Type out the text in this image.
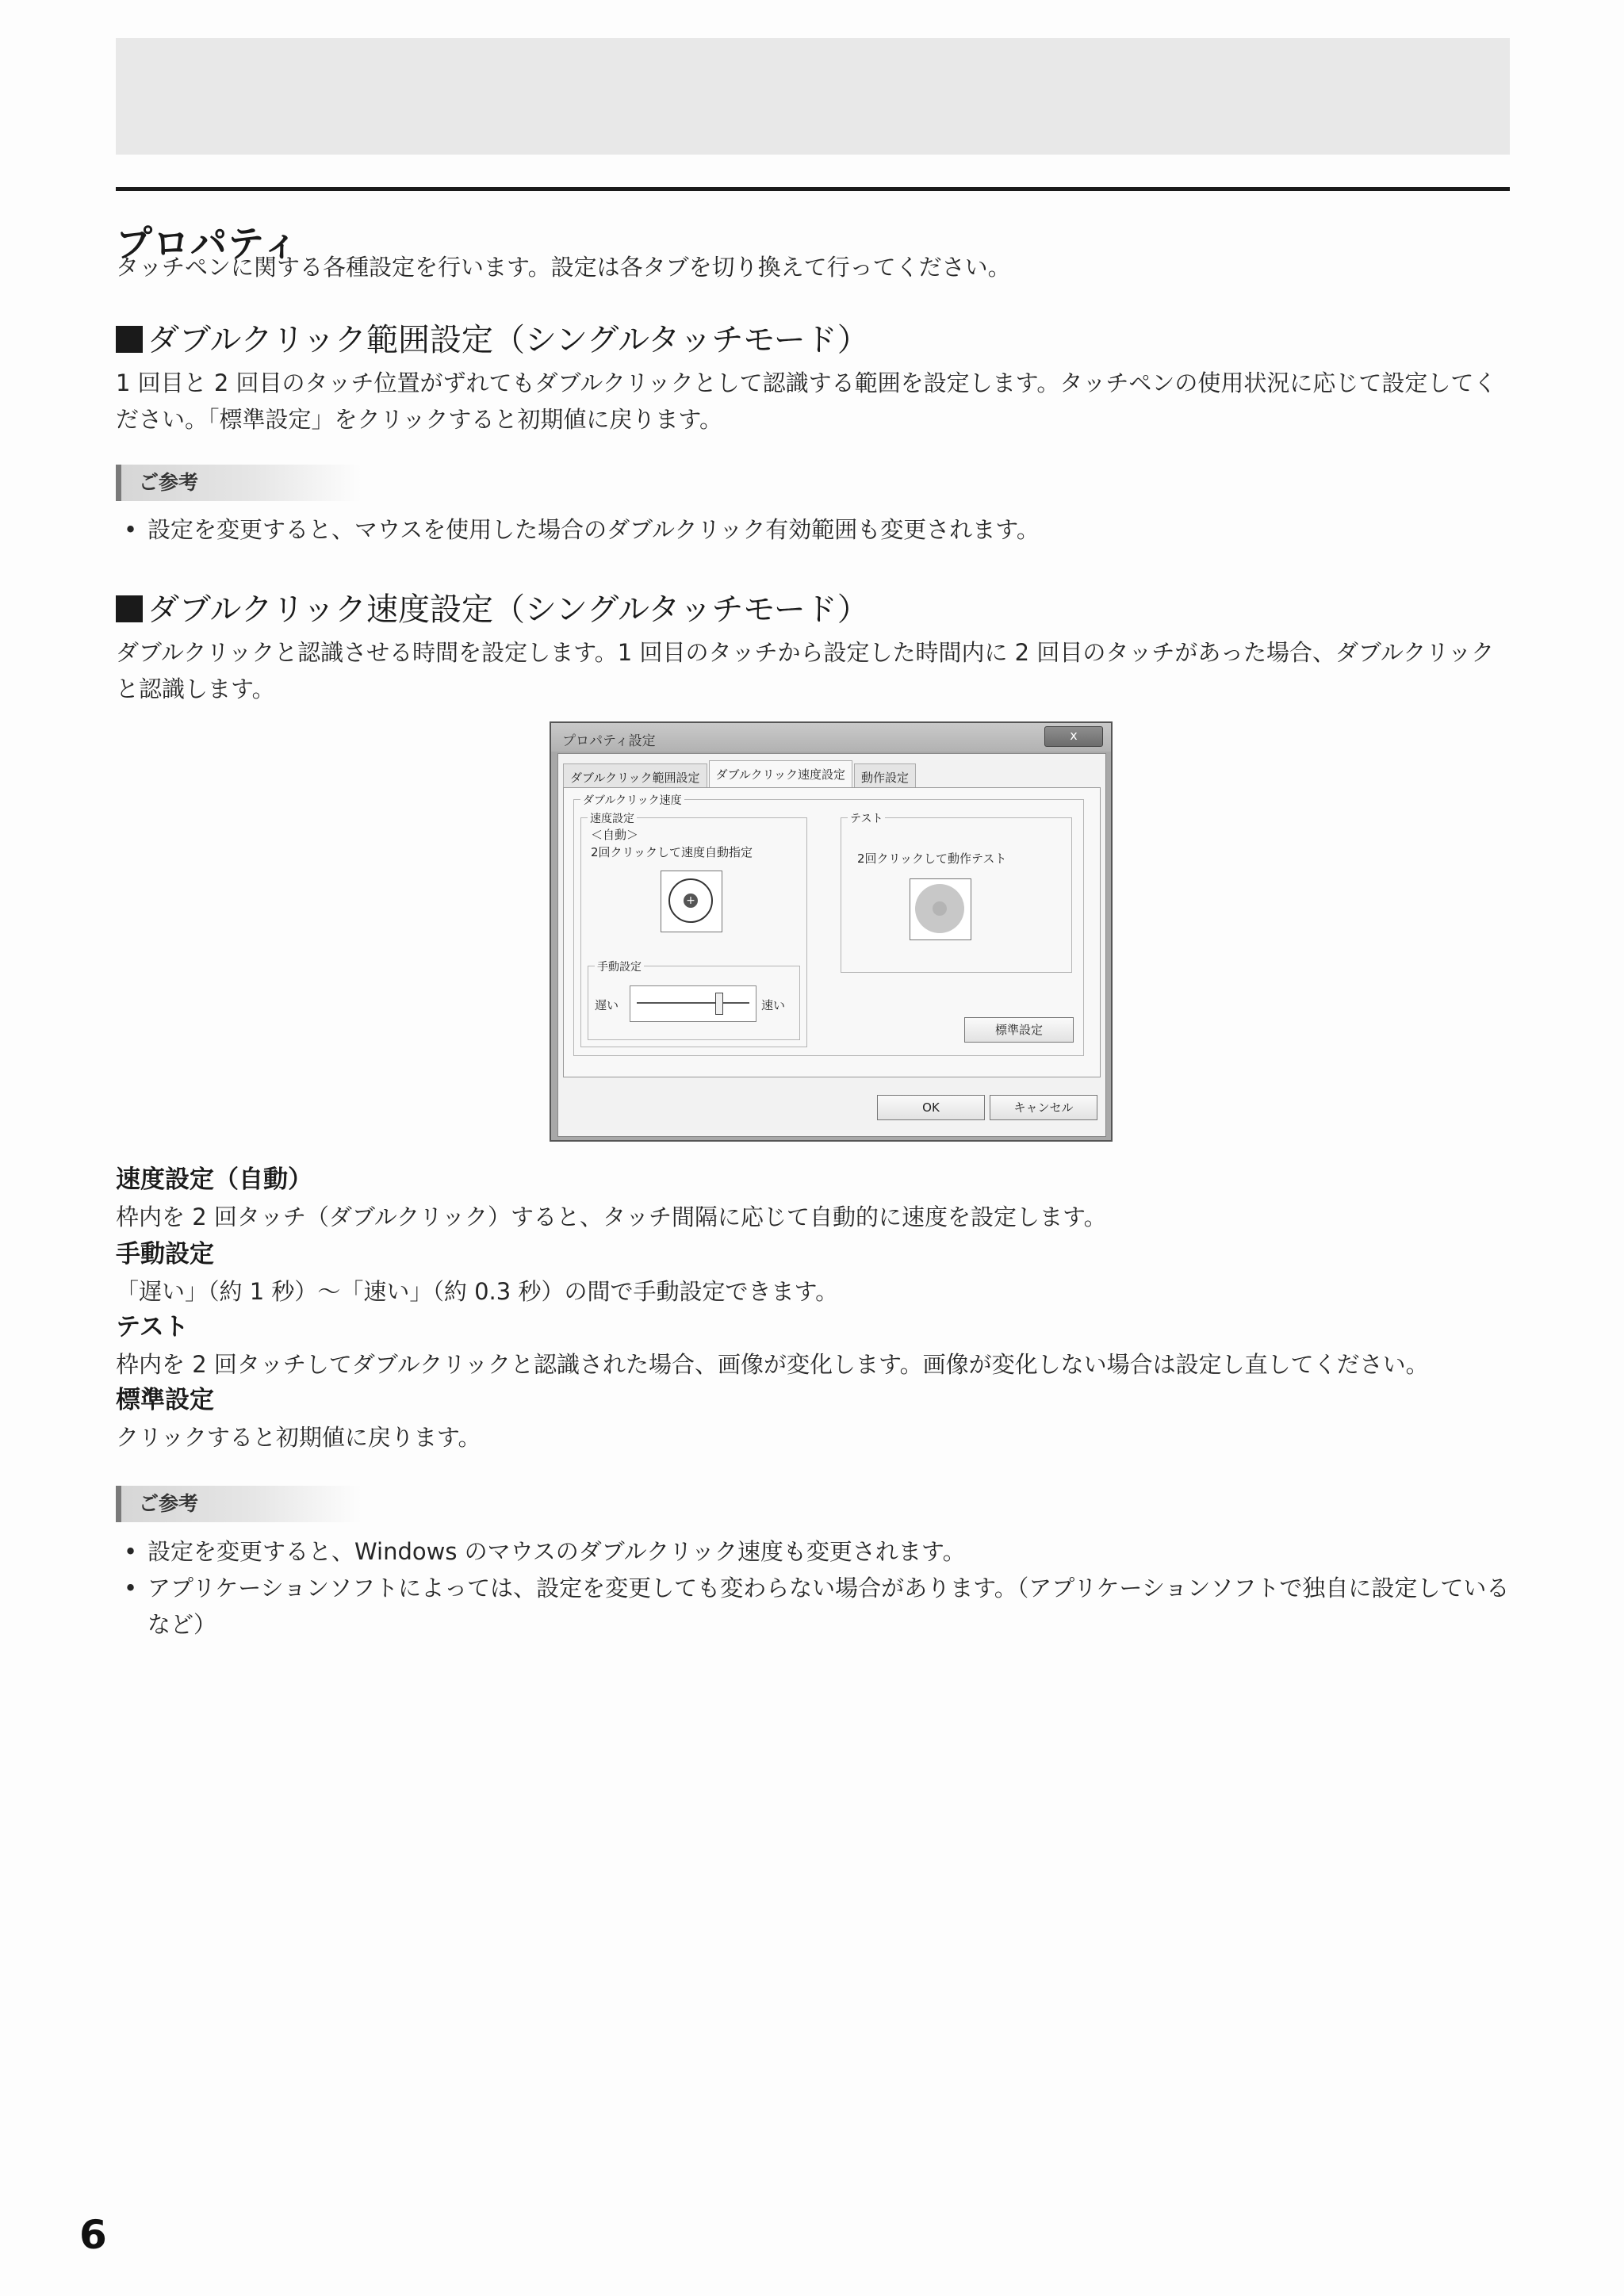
プロパティ

タッチペンに関する各種設定を行います。設定は各タブを切り換えて行ってください。

ダブルクリック範囲設定（シングルタッチモード）

1 回目と 2 回目のタッチ位置がずれてもダブルクリックとして認識する範囲を設定します。タッチペンの使用状況に応じて設定してください。「標準設定」をクリックすると初期値に戻ります。

ご参考
• 設定を変更すると、マウスを使用した場合のダブルクリック有効範囲も変更されます。
ダブルクリック速度設定（シングルタッチモード）

ダブルクリックと認識させる時間を設定します。1 回目のタッチから設定した時間内に 2 回目のタッチがあった場合、ダブルクリックと認識します。

プロパティ設定	x
ダブルクリック範囲設定	ダブルクリック速度設定	動作設定
ダブルクリック速度
速度設定
＜自動＞
2回クリックして速度自動指定
+
手動設定
遅い	速い
テスト
2回クリックして動作テスト
標準設定
OK	キャンセル
速度設定（自動）

枠内を 2 回タッチ（ダブルクリック）すると、タッチ間隔に応じて自動的に速度を設定します。

手動設定

「遅い」（約 1 秒）〜「速い」（約 0.3 秒）の間で手動設定できます。

テスト

枠内を 2 回タッチしてダブルクリックと認識された場合、画像が変化します。画像が変化しない場合は設定し直してください。

標準設定

クリックすると初期値に戻ります。

ご参考
• 設定を変更すると、Windows のマウスのダブルクリック速度も変更されます。
• アプリケーションソフトによっては、設定を変更しても変わらない場合があります。（アプリケーションソフトで独自に設定しているなど）
6
